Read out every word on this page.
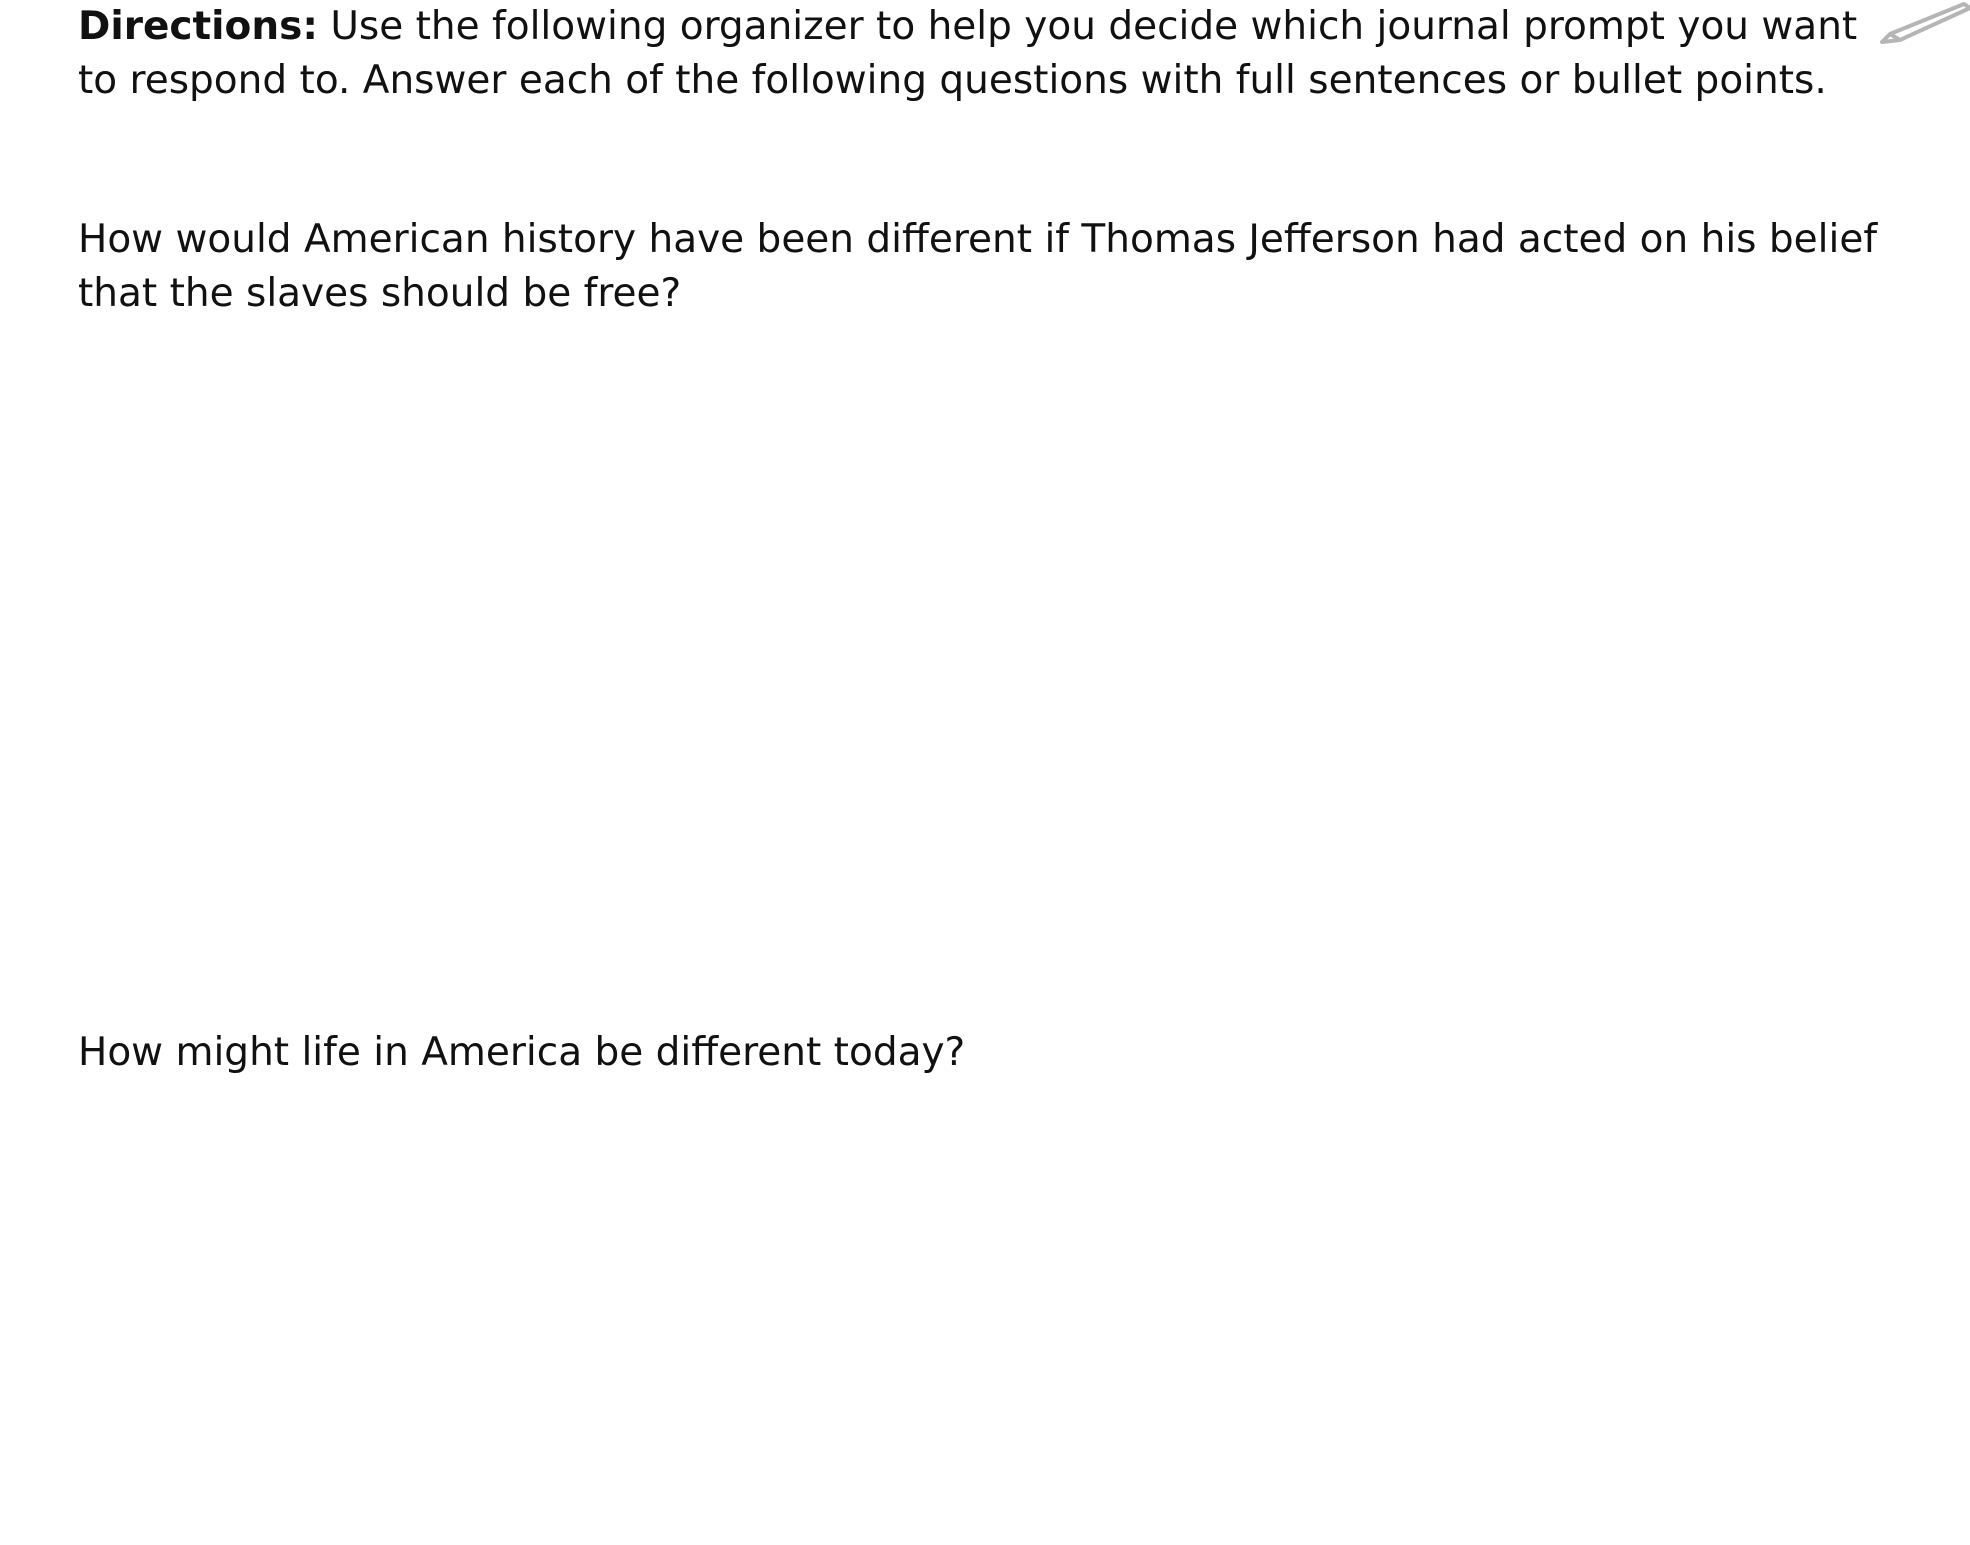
Directions: Use the following organizer to help you decide which journal prompt you want to respond to. Answer each of the following questions with full sentences or bullet points.

How would American history have been different if Thomas Jefferson had acted on his belief that the slaves should be free?

How might life in America be different today?
